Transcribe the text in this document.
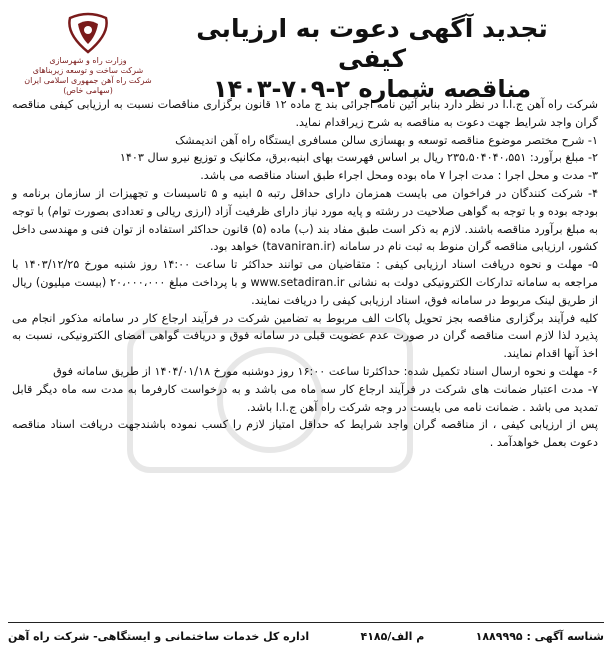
وزارت راه و شهرسازی
شرکت ساخت و توسعه زیربناهای
شرکت راه آهن جمهوری اسلامی ایران
(سهامی خاص)
تجدید آگهی دعوت به ارزیابی کیفی
مناقصه شماره ۲-۷۰۹-۱۴۰۳

شرکت راه آهن ج.ا.ا در نظر دارد بنابر آئین نامه اجرائی بند ج ماده ۱۲ قانون برگزاری مناقصات نسبت به ارزیابی کیفی مناقصه گران واجد شرایط جهت دعوت به مناقصه به شرح زیراقدام نماید.

۱- شرح مختصر موضوع مناقصه توسعه و بهسازی سالن مسافری ایستگاه راه آهن اندیمشک

۲- مبلغ برآورد: ۲۳۵،۵۰۴۰۴۰،۵۵۱ ریال بر اساس فهرست بهای ابنیه،برق، مکانیک و توزیع نیرو سال ۱۴۰۳

۳- مدت و محل اجرا : مدت اجرا ۷ ماه بوده ومحل اجراء طبق اسناد مناقصه می باشد.

۴- شرکت کنندگان در فراخوان می بایست همزمان دارای حداقل رتبه ۵ ابنیه و ۵ تاسیسات و تجهیزات از سازمان برنامه و بودجه بوده و با توجه به گواهی صلاحیت در رشته و پایه مورد نیاز دارای ظرفیت آزاد (ارزی ریالی و تعدادی بصورت توام) با توجه به مبلغ برآورد مناقصه باشند. لازم به ذکر است طبق مفاد بند (ب) ماده (۵) قانون حداکثر استفاده از توان فنی و مهندسی داخل کشور، ارزیابی مناقصه گران منوط به ثبت نام در سامانه (tavaniran.ir) خواهد بود.

۵- مهلت و نحوه دریافت اسناد ارزیابی کیفی : متقاضیان می توانند حداکثر تا ساعت ۱۴:۰۰ روز شنبه مورخ ۱۴۰۳/۱۲/۲۵ با مراجعه به سامانه تدارکات الکترونیکی دولت به نشانی www.setadiran.ir و با پرداخت مبلغ ۲۰،۰۰۰،۰۰۰ (بیست میلیون) ریال از طریق لینک مربوط در سامانه فوق، اسناد ارزیابی کیفی را دریافت نمایند.

کلیه فرآیند برگزاری مناقصه بجز تحویل پاکات الف مربوط به تضامین شرکت در فرآیند ارجاع کار در سامانه مذکور انجام می پذیرد لذا لازم است مناقصه گران در صورت عدم عضویت قبلی در سامانه فوق و دریافت گواهی امضای الکترونیکی، نسبت به اخذ آنها اقدام نمایند.

۶- مهلت و نحوه ارسال اسناد تکمیل شده: حداکثرتا ساعت ۱۶:۰۰ روز دوشنبه مورخ ۱۴۰۴/۰۱/۱۸ از طریق سامانه فوق

۷- مدت اعتبار ضمانت های شرکت در فرآیند ارجاع کار سه ماه می باشد و به درخواست کارفرما به مدت سه ماه دیگر قابل تمدید می باشد . ضمانت نامه می بایست در وجه شرکت راه آهن ج.ا.ا باشد.

پس از ارزیابی کیفی ، از مناقصه گران واجد شرایط که حداقل امتیاز لازم را کسب نموده باشندجهت دریافت اسناد مناقصه دعوت بعمل خواهدآمد .

شناسه آگهی : ۱۸۸۹۹۹۵
م الف/۴۱۸۵
اداره کل خدمات ساختمانی و ایستگاهی- شرکت راه آهن
